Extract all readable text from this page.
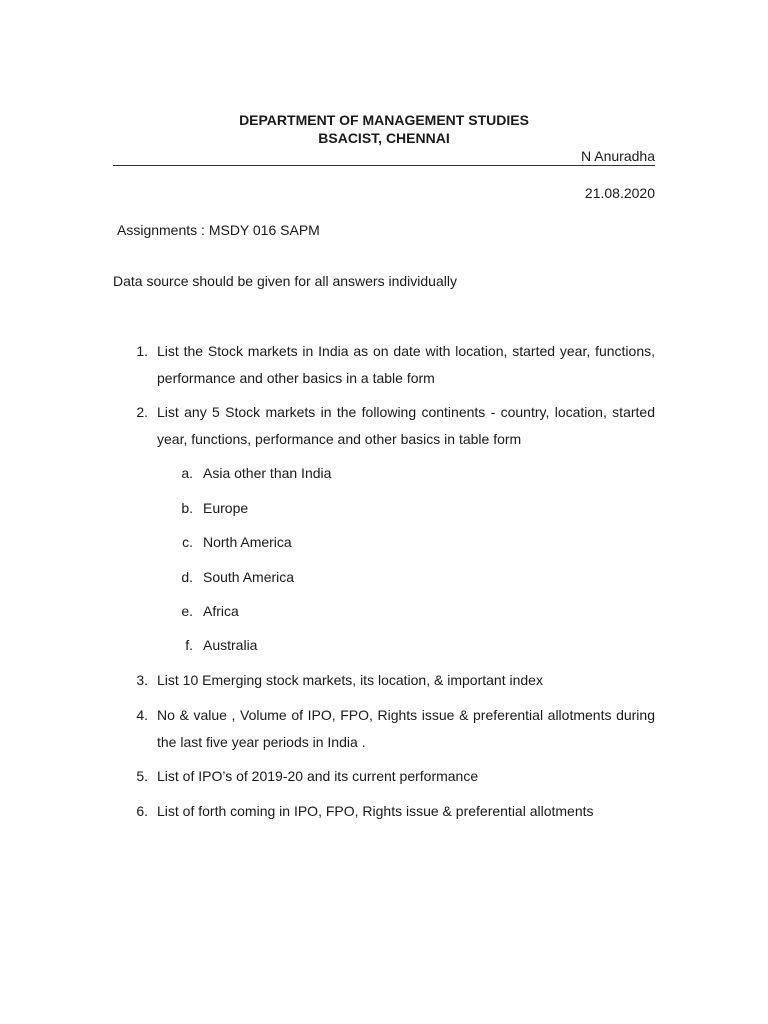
DEPARTMENT OF MANAGEMENT STUDIES
BSACIST, CHENNAI
N Anuradha
21.08.2020
Assignments : MSDY 016 SAPM
Data source should be given for all answers individually
1. List the Stock markets in India as on date with location, started year, functions, performance and other basics in a table form
2. List any 5 Stock markets in the following continents - country, location, started year, functions, performance and other basics in table form
a. Asia other than India
b. Europe
c. North America
d. South America
e. Africa
f. Australia
3. List 10 Emerging stock markets, its location, & important index
4. No & value , Volume of IPO, FPO, Rights issue & preferential allotments during the last five year periods in India .
5. List of IPO’s of 2019-20 and its current performance
6. List of forth coming in IPO, FPO, Rights issue & preferential allotments
